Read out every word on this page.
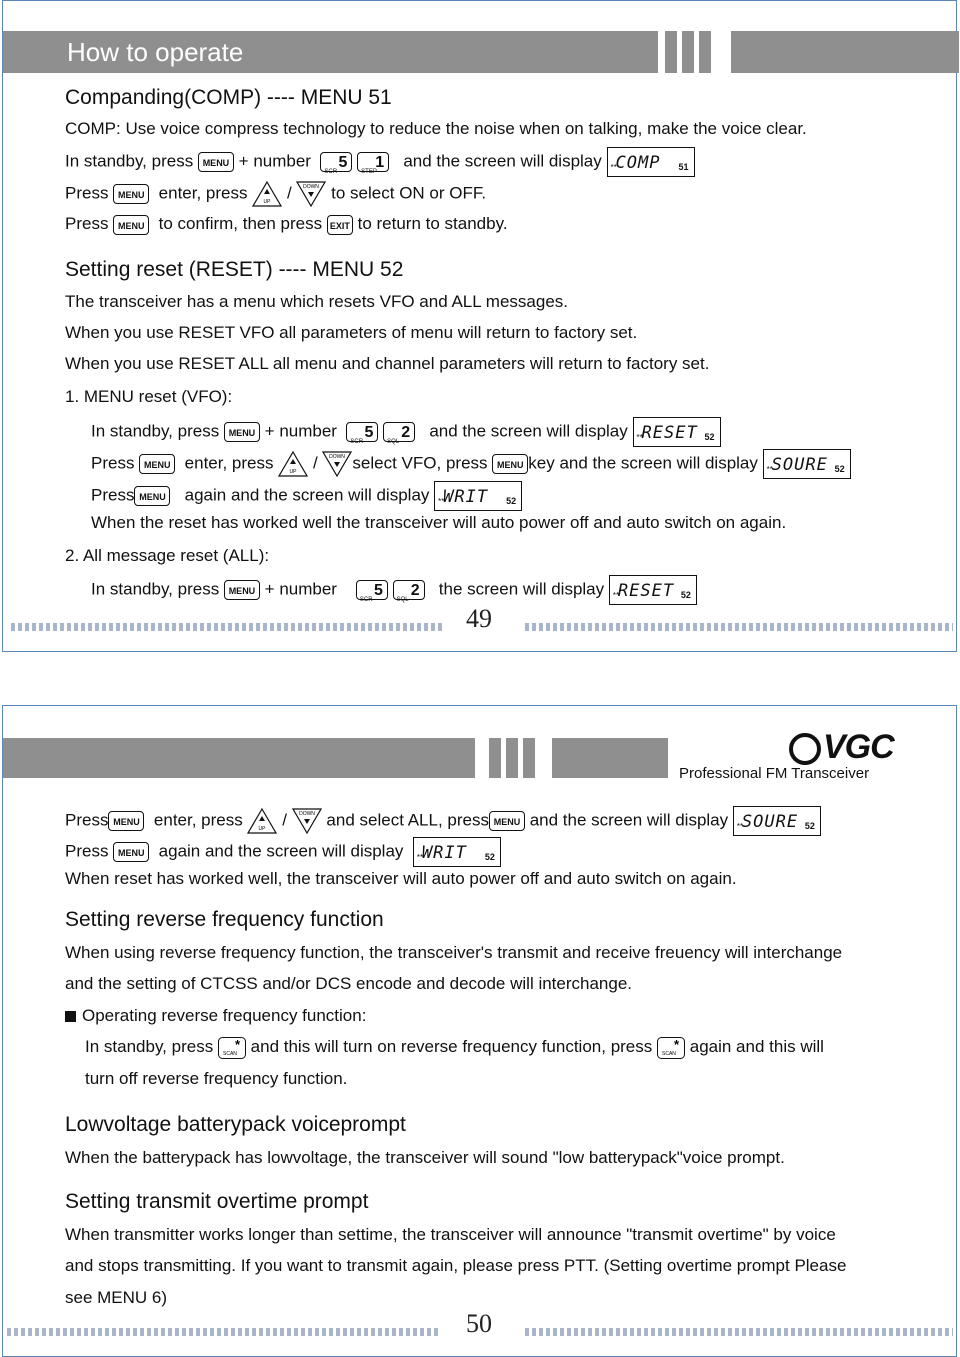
How to operate
Companding(COMP) ---- MENU 51
COMP: Use voice compress technology to reduce the noise when on talking, make the voice clear.
In standby, press MENU + number
SCR
5

STEP
1 and the screen will display **
COMP 51
Press MENU enter, press	UP / DOWN to select ON or OFF.
Press MENU to confirm, then press EXIT to return to standby.
Setting reset (RESET) ---- MENU 52
The transceiver has a menu which resets VFO and ALL messages.
When you use RESET VFO all parameters of menu will return to factory set.
When you use RESET ALL all menu and channel parameters will return to factory set.
1. MENU reset (VFO):
In standby, press MENU + number
SCR
5

SQL
2 and the screen will display **
RESET 52
Press MENU enter, press	UP / DOWN select VFO, press MENU key and the screen will display **
SOURE 52
Press MENU again and the screen will display **
WRIT 52
When the reset has worked well the transceiver will auto power off and auto switch on again.
2. All message reset (ALL):
In standby, press MENU + number
SCR
5

SQL
2 the screen will display **
RESET 52
49
VGC
Professional FM Transceiver
Press MENU enter, press	UP / DOWN and select ALL, press MENU and the screen will display **
SOURE 52
Press MENU again and the screen will display **
WRIT 52
When reset has worked well, the transceiver will auto power off and auto switch on again.
Setting reverse frequency function
When using reverse frequency function, the transceiver's transmit and receive freuency will interchange
and the setting of CTCSS and/or DCS encode and decode will interchange.
Operating reverse frequency function:
In standby, press *
SCAN and this will turn on reverse frequency function, press *
SCAN again and this will
turn off reverse frequency function.
Lowvoltage batterypack voiceprompt
When the batterypack has lowvoltage, the transceiver will sound "low batterypack"voice prompt.
Setting transmit overtime prompt
When transmitter works longer than settime, the transceiver will announce "transmit overtime" by voice
and stops transmitting. If you want to transmit again, please press PTT. (Setting overtime prompt Please
see MENU 6)
50
